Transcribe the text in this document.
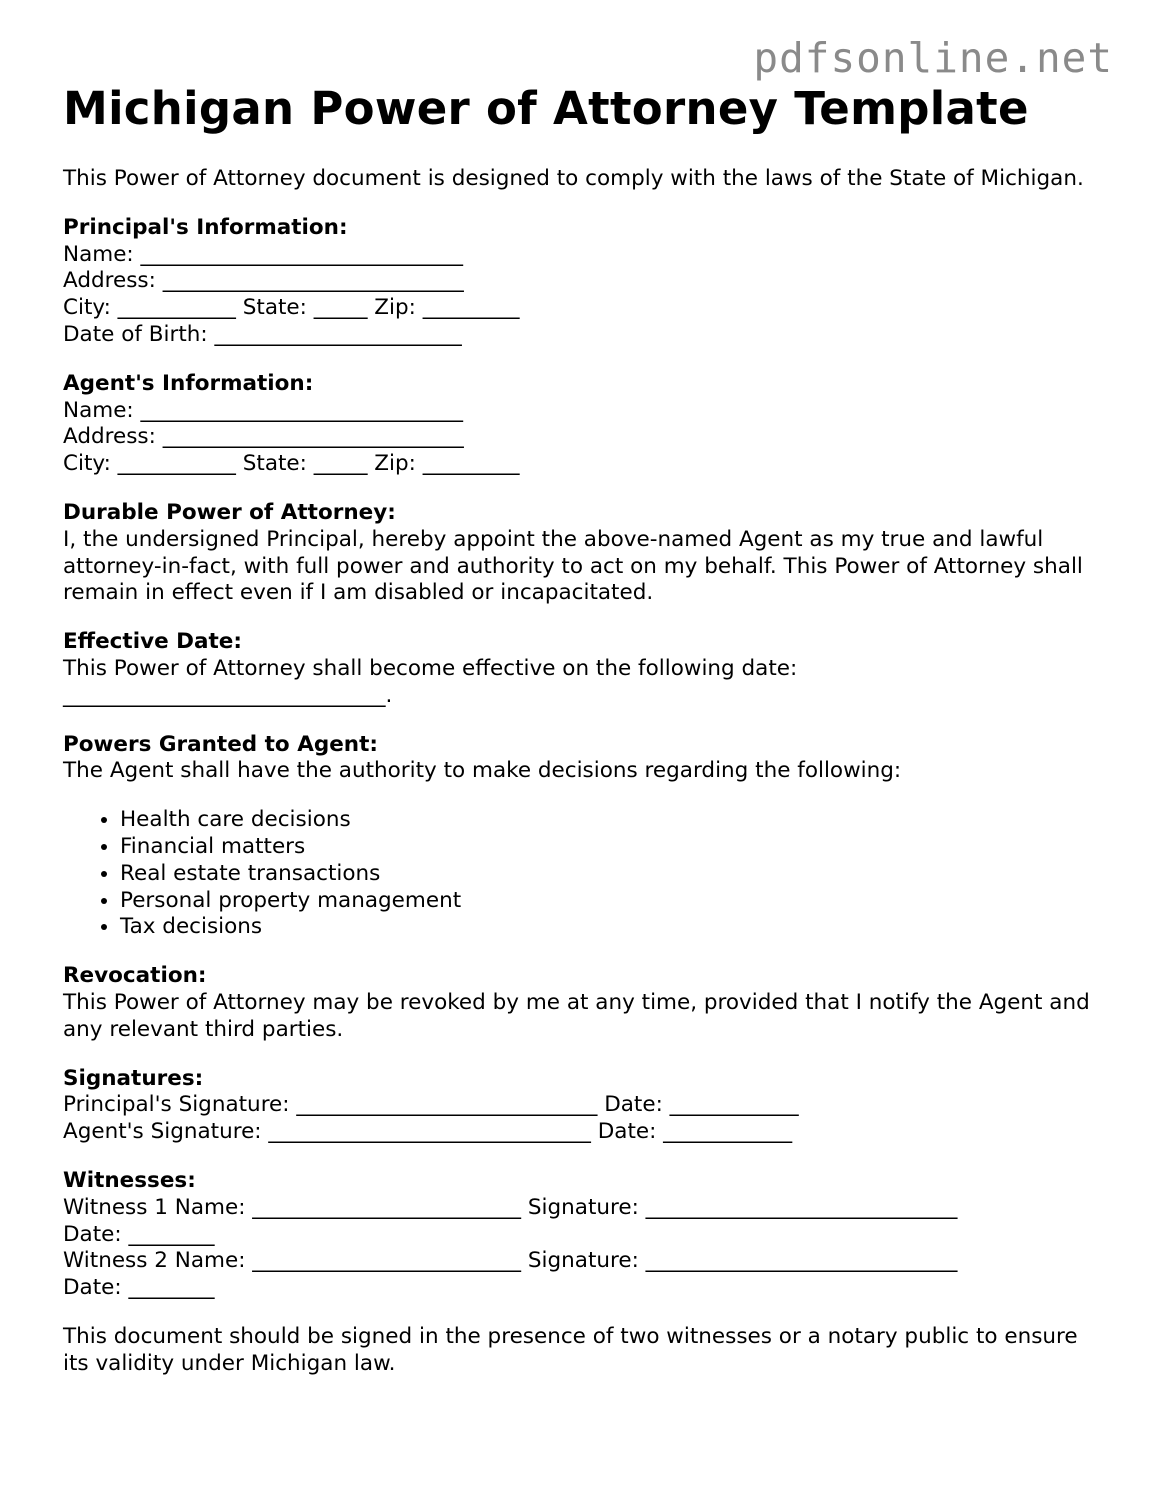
pdfsonline.net
Michigan Power of Attorney Template

This Power of Attorney document is designed to comply with the laws of the State of Michigan.

Principal's Information:
Name: ______________________________
Address: ____________________________
City: ___________ State: _____ Zip: _________
Date of Birth: _______________________
Agent's Information:
Name: ______________________________
Address: ____________________________
City: ___________ State: _____ Zip: _________
Durable Power of Attorney:

I, the undersigned Principal, hereby appoint the above-named Agent as my true and lawful attorney-in-fact, with full power and authority to act on my behalf. This Power of Attorney shall remain in effect even if I am disabled or incapacitated.

Effective Date:

This Power of Attorney shall become effective on the following date:

______________________________.
Powers Granted to Agent:

The Agent shall have the authority to make decisions regarding the following:

• Health care decisions
• Financial matters
• Real estate transactions
• Personal property management
• Tax decisions
Revocation:

This Power of Attorney may be revoked by me at any time, provided that I notify the Agent and any relevant third parties.

Signatures:
Principal's Signature: ____________________________ Date: ____________
Agent's Signature: ______________________________ Date: ____________
Witnesses:
Witness 1 Name: _________________________ Signature: _____________________________
Date: ________
Witness 2 Name: _________________________ Signature: _____________________________
Date: ________

This document should be signed in the presence of two witnesses or a notary public to ensure its validity under Michigan law.
